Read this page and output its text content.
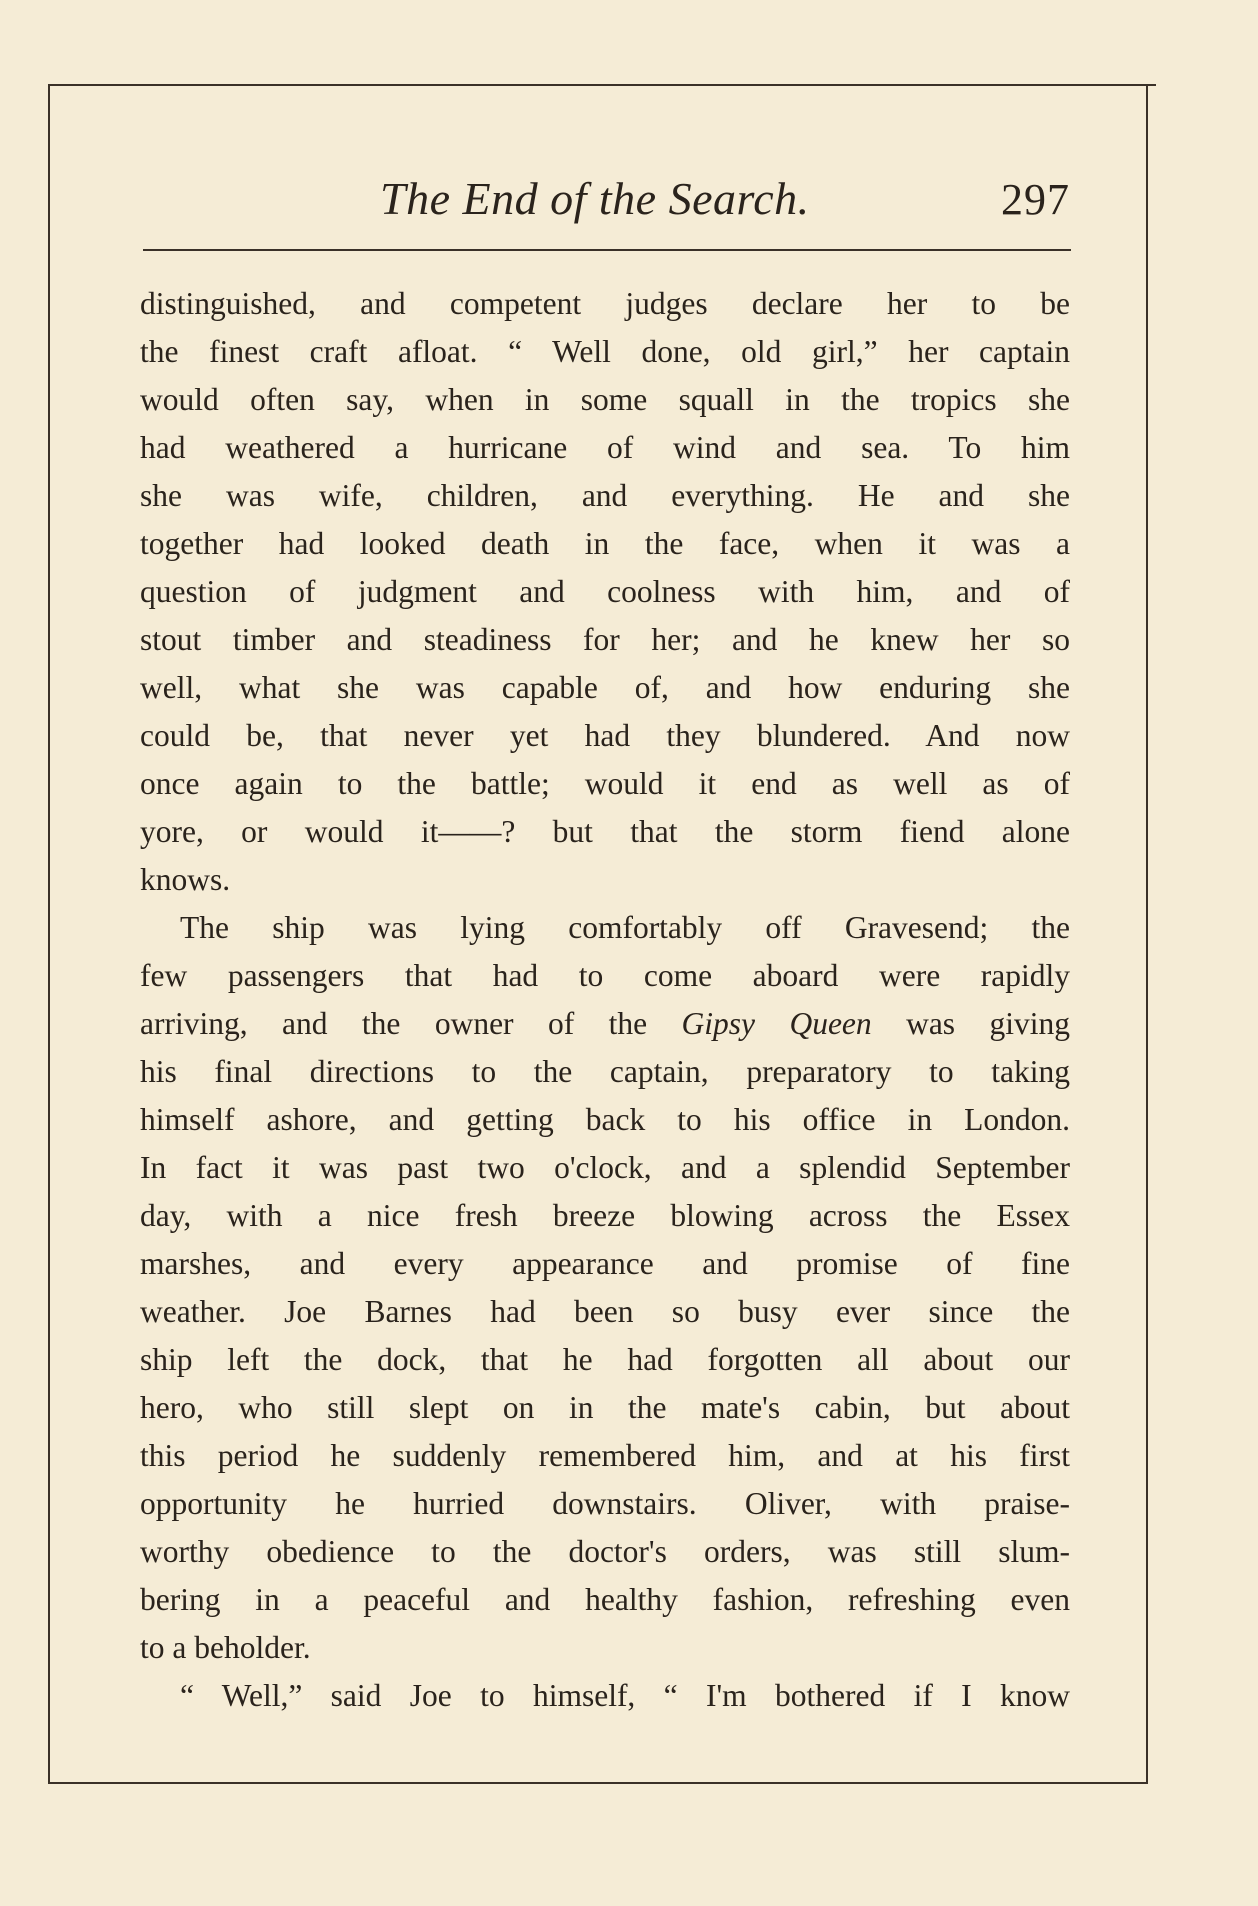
The End of the Search.	297
distinguished, and competent judges declare her to be
the finest craft afloat. “ Well done, old girl,” her captain
would often say, when in some squall in the tropics she
had weathered a hurricane of wind and sea. To him
she was wife, children, and everything. He and she
together had looked death in the face, when it was a
question of judgment and coolness with him, and of
stout timber and steadiness for her; and he knew her so
well, what she was capable of, and how enduring she
could be, that never yet had they blundered. And now
once again to the battle; would it end as well as of
yore, or would it——? but that the storm fiend alone
knows.
The ship was lying comfortably off Gravesend; the
few passengers that had to come aboard were rapidly
arriving, and the owner of the Gipsy Queen was giving
his final directions to the captain, preparatory to taking
himself ashore, and getting back to his office in London.
In fact it was past two o'clock, and a splendid September
day, with a nice fresh breeze blowing across the Essex
marshes, and every appearance and promise of fine
weather. Joe Barnes had been so busy ever since the
ship left the dock, that he had forgotten all about our
hero, who still slept on in the mate's cabin, but about
this period he suddenly remembered him, and at his first
opportunity he hurried downstairs. Oliver, with praise-
worthy obedience to the doctor's orders, was still slum-
bering in a peaceful and healthy fashion, refreshing even
to a beholder.
“ Well,” said Joe to himself, “ I'm bothered if I know
